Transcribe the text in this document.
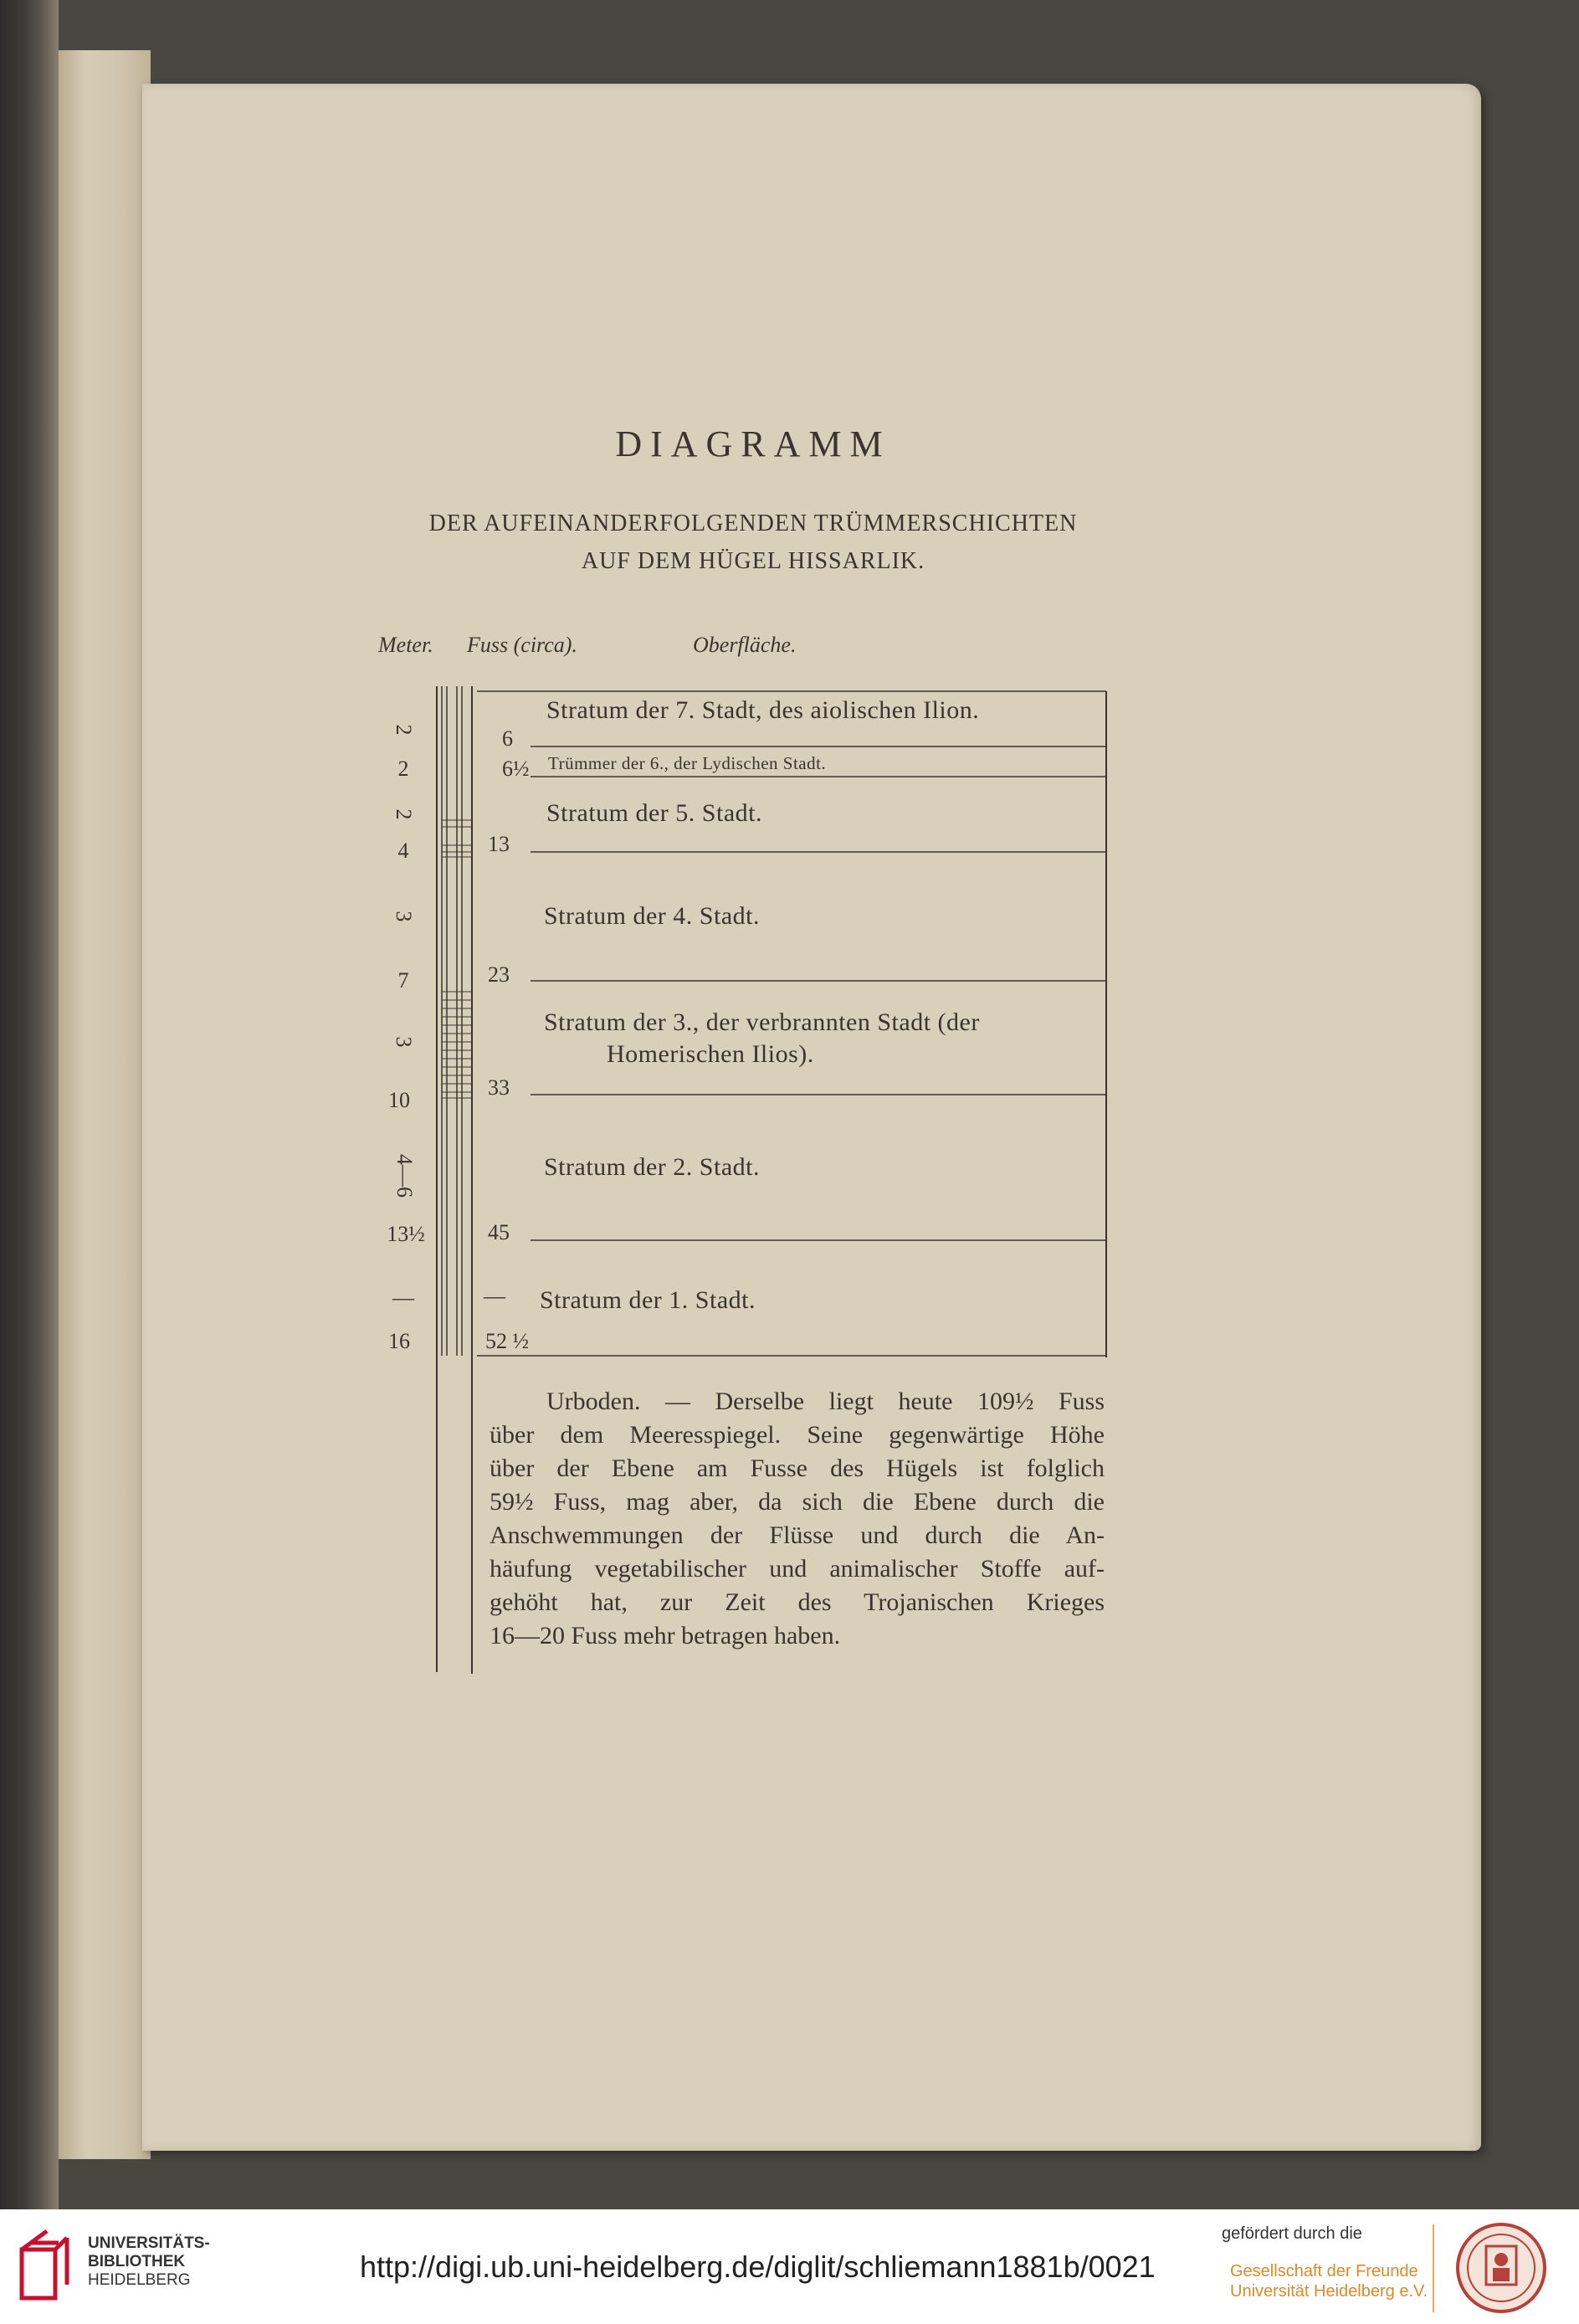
DIAGRAMM
DER AUFEINANDERFOLGENDEN TRÜMMERSCHICHTEN
AUF DEM HÜGEL HISSARLIK.
Meter. Fuss (circa).	Oberfläche.
2
2
2
4
3
7
3
10
4—6
13½
—
16
6
6½
13
23
33
45
—
52 ½
Stratum der 7. Stadt, des aiolischen Ilion.
Trümmer der 6., der Lydischen Stadt.
Stratum der 5. Stadt.
Stratum der 4. Stadt.
Stratum der 3., der verbrannten Stadt (der
Homerischen Ilios).
Stratum der 2. Stadt.
Stratum der 1. Stadt.
Urboden. — Derselbe liegt heute 109½ Fuss
über dem Meeresspiegel. Seine gegenwärtige Höhe
über der Ebene am Fusse des Hügels ist folglich
59½ Fuss, mag aber, da sich die Ebene durch die
Anschwemmungen der Flüsse und durch die An-
häufung vegetabilischer und animalischer Stoffe auf-
gehöht hat, zur Zeit des Trojanischen Krieges
16—20 Fuss mehr betragen haben.
UNIVERSITÄTS-
BIBLIOTHEK
HEIDELBERG	http://digi.ub.uni-heidelberg.de/diglit/schliemann1881b/0021
gefördert durch die
Gesellschaft der Freunde
Universität Heidelberg e.V.
